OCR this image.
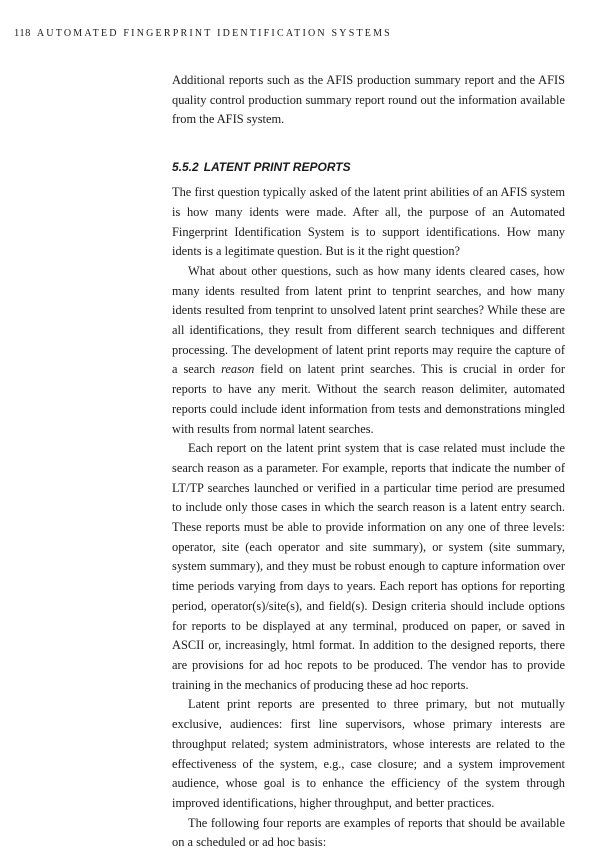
118 AUTOMATED FINGERPRINT IDENTIFICATION SYSTEMS

Additional reports such as the AFIS production summary report and the AFIS quality control production summary report round out the information available from the AFIS system.

5.5.2 LATENT PRINT REPORTS

The first question typically asked of the latent print abilities of an AFIS system is how many idents were made. After all, the purpose of an Automated Fingerprint Identification System is to support identifications. How many idents is a legitimate question. But is it the right question?

What about other questions, such as how many idents cleared cases, how many idents resulted from latent print to tenprint searches, and how many idents resulted from tenprint to unsolved latent print searches? While these are all identifications, they result from different search techniques and different processing. The development of latent print reports may require the capture of a search reason field on latent print searches. This is crucial in order for reports to have any merit. Without the search reason delimiter, automated reports could include ident information from tests and demonstrations mingled with results from normal latent searches.

Each report on the latent print system that is case related must include the search reason as a parameter. For example, reports that indicate the number of LT/TP searches launched or verified in a particular time period are presumed to include only those cases in which the search reason is a latent entry search. These reports must be able to provide information on any one of three levels: operator, site (each operator and site summary), or system (site summary, system summary), and they must be robust enough to capture information over time periods varying from days to years. Each report has options for reporting period, operator(s)/site(s), and field(s). Design criteria should include options for reports to be displayed at any terminal, produced on paper, or saved in ASCII or, increasingly, html format. In addition to the designed reports, there are provisions for ad hoc repots to be produced. The vendor has to provide training in the mechanics of producing these ad hoc reports.

Latent print reports are presented to three primary, but not mutually exclusive, audiences: first line supervisors, whose primary interests are throughput related; system administrators, whose interests are related to the effectiveness of the system, e.g., case closure; and a system improvement audience, whose goal is to enhance the efficiency of the system through improved identifications, higher throughput, and better practices.

The following four reports are examples of reports that should be available on a scheduled or ad hoc basis:
